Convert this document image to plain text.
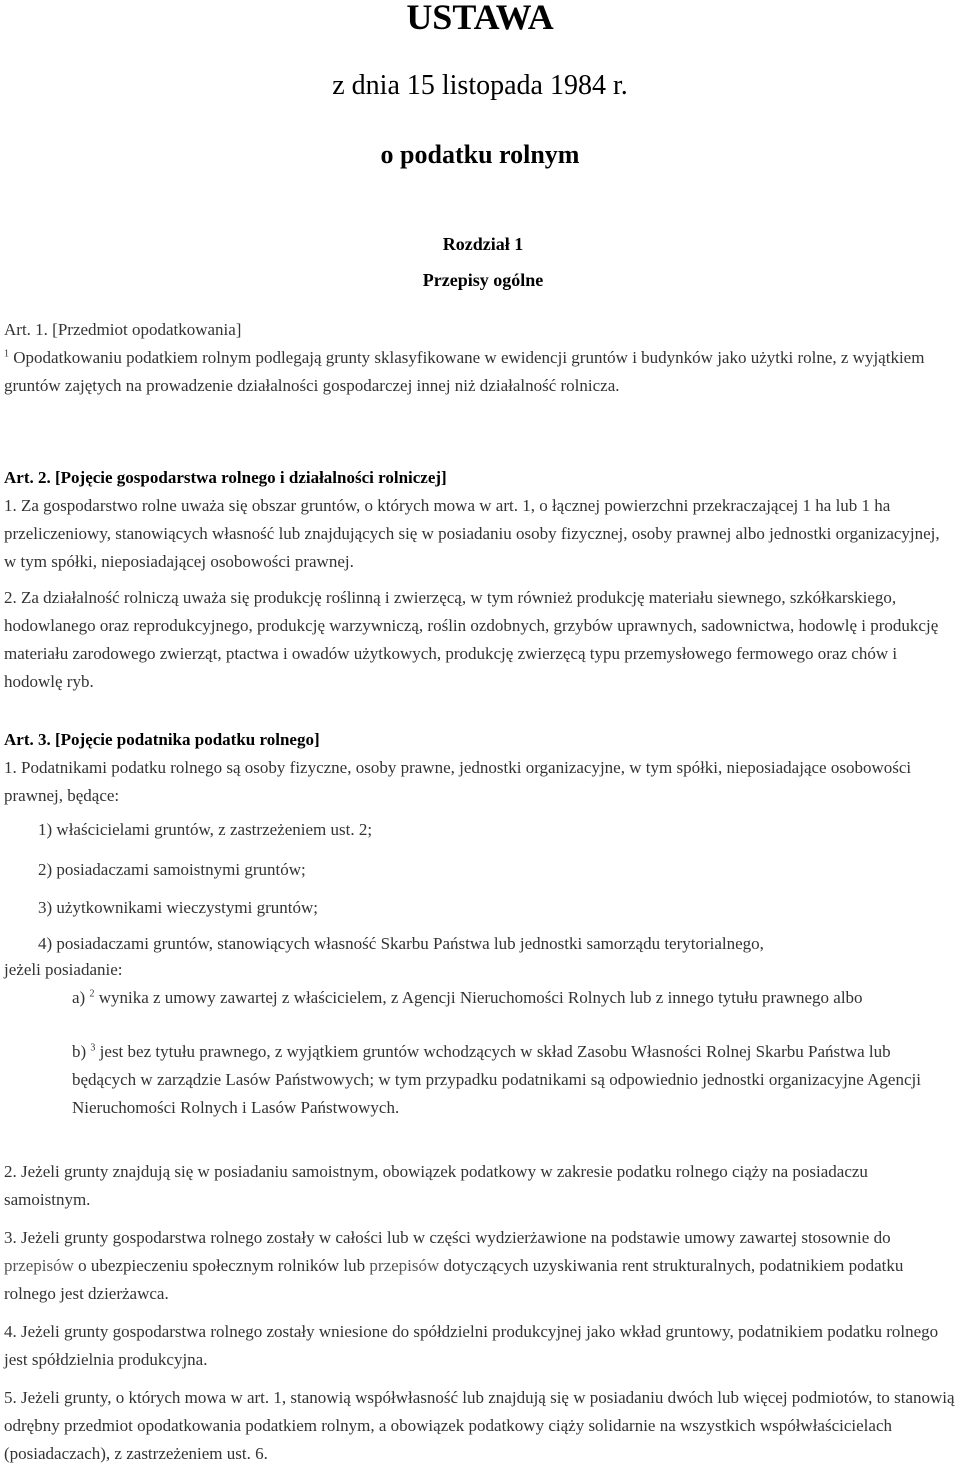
USTAWA
z dnia 15 listopada 1984 r.
o podatku rolnym
Rozdział 1
Przepisy ogólne

Art. 1. [Przedmiot opodatkowania]

$^1$ Opodatkowaniu podatkiem rolnym podlegają grunty sklasyfikowane w ewidencji gruntów i budynków jako użytki rolne, z wyjątkiem gruntów zajętych na prowadzenie działalności gospodarczej innej niż działalność rolnicza.

Art. 2. [Pojęcie gospodarstwa rolnego i działalności rolniczej]

1. Za gospodarstwo rolne uważa się obszar gruntów, o których mowa w art. 1, o łącznej powierzchni przekraczającej 1 ha lub 1 ha przeliczeniowy, stanowiących własność lub znajdujących się w posiadaniu osoby fizycznej, osoby prawnej albo jednostki organizacyjnej, w tym spółki, nieposiadającej osobowości prawnej.

2. Za działalność rolniczą uważa się produkcję roślinną i zwierzęcą, w tym również produkcję materiału siewnego, szkółkarskiego, hodowlanego oraz reprodukcyjnego, produkcję warzywniczą, roślin ozdobnych, grzybów uprawnych, sadownictwa, hodowlę i produkcję materiału zarodowego zwierząt, ptactwa i owadów użytkowych, produkcję zwierzęcą typu przemysłowego fermowego oraz chów i hodowlę ryb.

Art. 3. [Pojęcie podatnika podatku rolnego]

1. Podatnikami podatku rolnego są osoby fizyczne, osoby prawne, jednostki organizacyjne, w tym spółki, nieposiadające osobowości prawnej, będące:

1) właścicielami gruntów, z zastrzeżeniem ust. 2;
2) posiadaczami samoistnymi gruntów;
3) użytkownikami wieczystymi gruntów;
4) posiadaczami gruntów, stanowiących własność Skarbu Państwa lub jednostki samorządu terytorialnego,
jeżeli posiadanie:
a) $^2$ wynika z umowy zawartej z właścicielem, z Agencji Nieruchomości Rolnych lub z innego tytułu prawnego albo
b) $^3$ jest bez tytułu prawnego, z wyjątkiem gruntów wchodzących w skład Zasobu Własności Rolnej Skarbu Państwa lub będących w zarządzie Lasów Państwowych; w tym przypadku podatnikami są odpowiednio jednostki organizacyjne Agencji Nieruchomości Rolnych i Lasów Państwowych.

2. Jeżeli grunty znajdują się w posiadaniu samoistnym, obowiązek podatkowy w zakresie podatku rolnego ciąży na posiadaczu samoistnym.

3. Jeżeli grunty gospodarstwa rolnego zostały w całości lub w części wydzierżawione na podstawie umowy zawartej stosownie do przepisów o ubezpieczeniu społecznym rolników lub przepisów dotyczących uzyskiwania rent strukturalnych, podatnikiem podatku rolnego jest dzierżawca.

4. Jeżeli grunty gospodarstwa rolnego zostały wniesione do spółdzielni produkcyjnej jako wkład gruntowy, podatnikiem podatku rolnego jest spółdzielnia produkcyjna.

5. Jeżeli grunty, o których mowa w art. 1, stanowią współwłasność lub znajdują się w posiadaniu dwóch lub więcej podmiotów, to stanowią odrębny przedmiot opodatkowania podatkiem rolnym, a obowiązek podatkowy ciąży solidarnie na wszystkich współwłaścicielach (posiadaczach), z zastrzeżeniem ust. 6.
